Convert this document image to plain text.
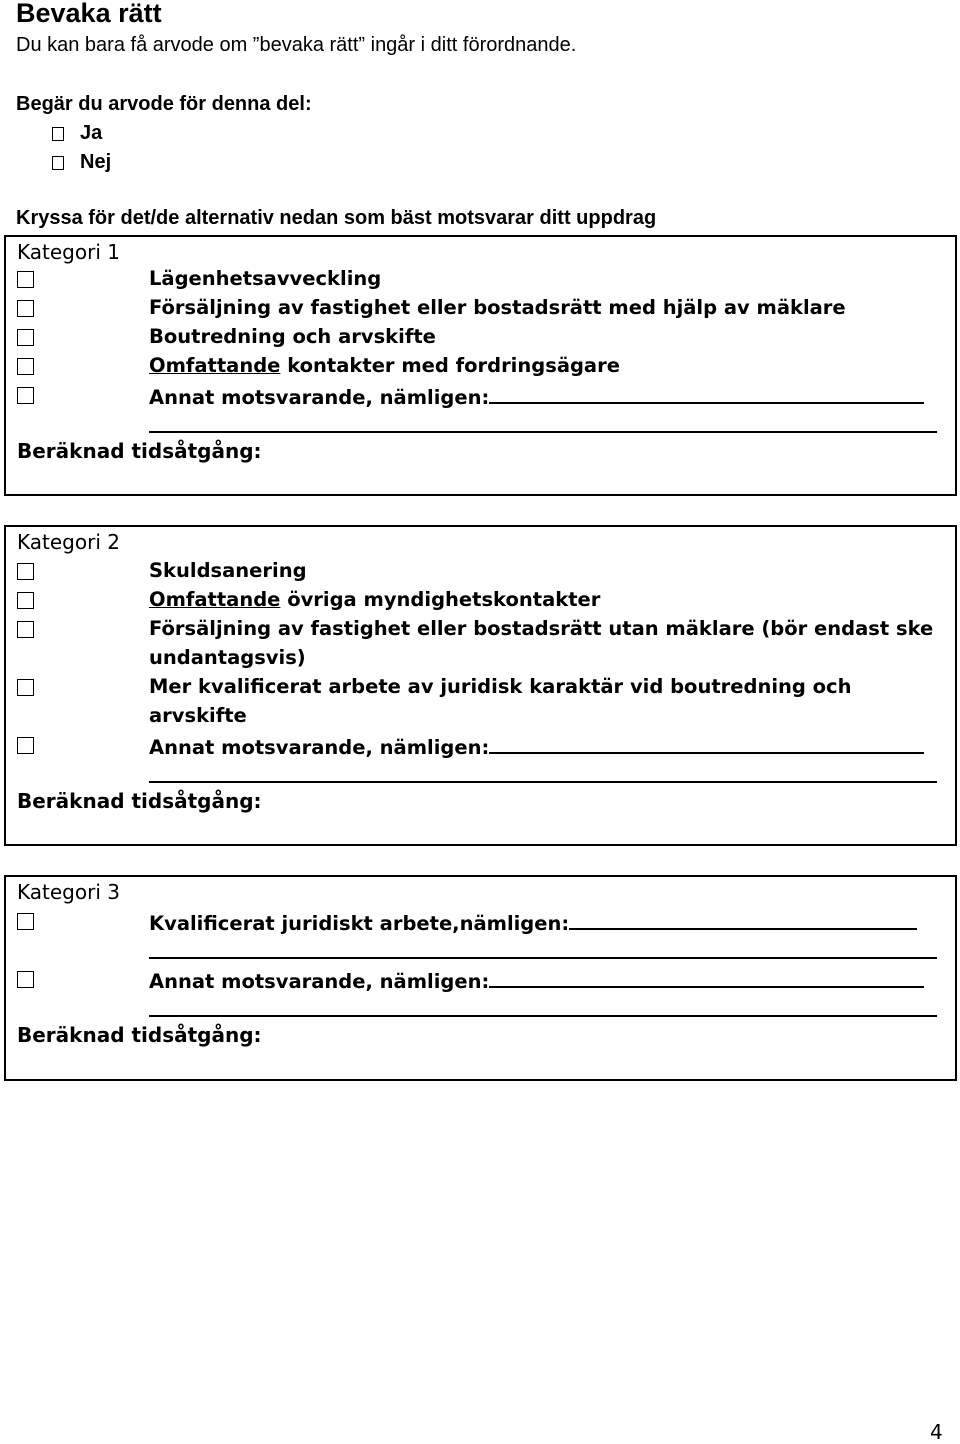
Bevaka rätt
Du kan bara få arvode om ”bevaka rätt” ingår i ditt förordnande.
Begär du arvode för denna del:
Ja
Nej
Kryssa för det/de alternativ nedan som bäst motsvarar ditt uppdrag
Kategori 1
Lägenhetsavveckling
Försäljning av fastighet eller bostadsrätt med hjälp av mäklare
Boutredning och arvskifte
Omfattande kontakter med fordringsägare
Annat motsvarande, nämligen:
Beräknad tidsåtgång:
Kategori 2
Skuldsanering
Omfattande övriga myndighetskontakter
Försäljning av fastighet eller bostadsrätt utan mäklare (bör endast ske undantagsvis)
Mer kvalificerat arbete av juridisk karaktär vid boutredning och arvskifte
Annat motsvarande, nämligen:
Beräknad tidsåtgång:
Kategori 3
Kvalificerat juridiskt arbete,nämligen:
Annat motsvarande, nämligen:
Beräknad tidsåtgång:
4
